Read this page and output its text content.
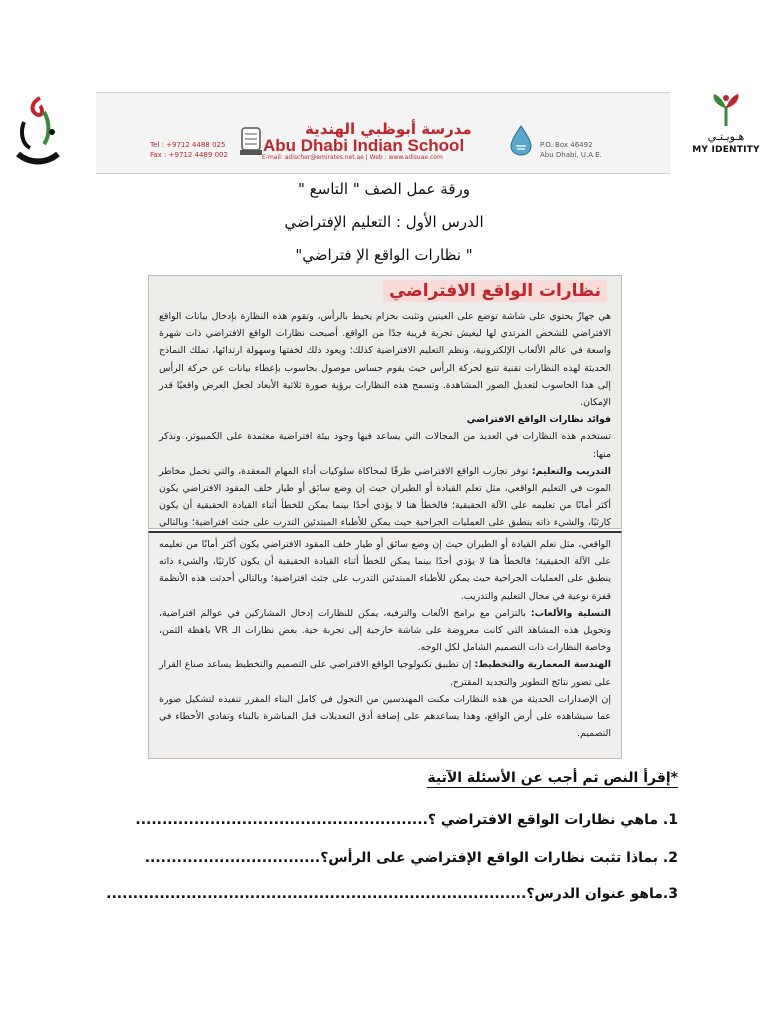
هـويـتـي
MY IDENTITY
مدرسة أبوظبي الهندية
Abu Dhabi Indian School
E-mail: adischer@emirates.net.ae | Web : www.adisuae.com
Tel : +9712 4488 025
Fax : +9712 4489 002
P.O. Box 46492
Abu Dhabi, U.A.E.
ورقة عمل الصف " التاسع "
الدرس الأول : التعليم الإفتراضي
" نظارات الواقع الإ فتراضي"
نظارات الواقع الافتراضي
هي جهازٌ يحتوي على شاشة توضع على العينين وتثبت بحزام يحيط بالرأس، وتقوم هذه النظارة بإدخال بيانات الواقع الافتراضي للشخص المرتدي لها ليعيش تجربة قريبة جدًا من الواقع. أصبحت نظارات الواقع الافتراضي ذات شهرة واسعة في عالم الألعاب الإلكترونية، ونظم التعليم الافتراضية كذلك؛ ويعود ذلك لخفتها وسهولة ارتدائها، تملك النماذج الحديثة لهذه النظارات تقنية تتبع لحركة الرأس حيث يقوم حساس موصول بحاسوب بإعطاء بيانات عن حركة الرأس إلى هذا الحاسوب لتعديل الصور المشاهدة. وتسمح هذه النظارات برؤية صورة ثلاثية الأبعاد لجعل العرض واقعيًا قدر الإمكان.
فوائد نظارات الواقع الافتراضي
تستخدم هذه النظارات في العديد من المجالات التي يساعد فيها وجود بيئة افتراضية معتمدة على الكمبيوتر، ونذكر منها:
التدريب والتعليم: توفر تجارب الواقع الافتراضي طرقًا لمحاكاة سلوكيات أداء المهام المعقدة، والتي تحمل مخاطر الموت في التعليم الواقعي، مثل تعلم القيادة أو الطيران حيث إن وضع سائق أو طيار خلف المقود الافتراضي يكون أكثر أمانًا من تعليمه على الآلة الحقيقية؛ فالخطأ هنا لا يؤذي أحدًا بينما يمكن للخطأ أثناء القيادة الحقيقية أن يكون كارثيًا، والشيء ذاته ينطبق على العمليات الجراحية حيث يمكن للأطباء المبتدئين التدرب على جثث افتراضية؛ وبالتالي
الواقعي، مثل تعلم القيادة أو الطيران حيث إن وضع سائق أو طيار خلف المقود الافتراضي يكون أكثر أمانًا من تعليمه على الآلة الحقيقية؛ فالخطأ هنا لا يؤذي أحدًا بينما يمكن للخطأ أثناء القيادة الحقيقية أن يكون كارثيًا، والشيء ذاته ينطبق على العمليات الجراحية حيث يمكن للأطباء المبتدئين التدرب على جثث افتراضية؛ وبالتالي أحدثت هذه الأنظمة قفزة نوعية في مجال التعليم والتدريب.
التسلية والألعاب: بالتزامن مع برامج الألعاب والترفيه، يمكن للنظارات إدخال المشاركين في عوالم افتراضية، وتحويل هذه المشاهد التي كانت معروضة على شاشة خارجية إلى تجربة حية. بعض نظارات الـ VR باهظة الثمن، وخاصة النظارات ذات التصميم الشامل لكل الوجه.
الهندسة المعمارية والتخطيط: إن تطبيق تكنولوجيا الواقع الافتراضي على التصميم والتخطيط يساعد صناع القرار على تصور نتائج التطوير والتجديد المقترح.
إن الإصدارات الحديثة من هذه النظارات مكنت المهندسين من التجول في كامل البناء المقرر تنفيذه لتشكيل صورة عما سيشاهده على أرض الواقع، وهذا يساعدهم على إضافة أدق التعديلات قبل المباشرة بالبناء وتفادي الأخطاء في التصميم.
*إقرأ النص ثم أجب عن الأسئلة الآتية
1. ماهي نظارات الواقع الافتراضي ؟.......................................................
2. بماذا تثبت نظارات الواقع الإفتراضي على الرأس؟.................................
3.ماهو عنوان الدرس؟...............................................................................
